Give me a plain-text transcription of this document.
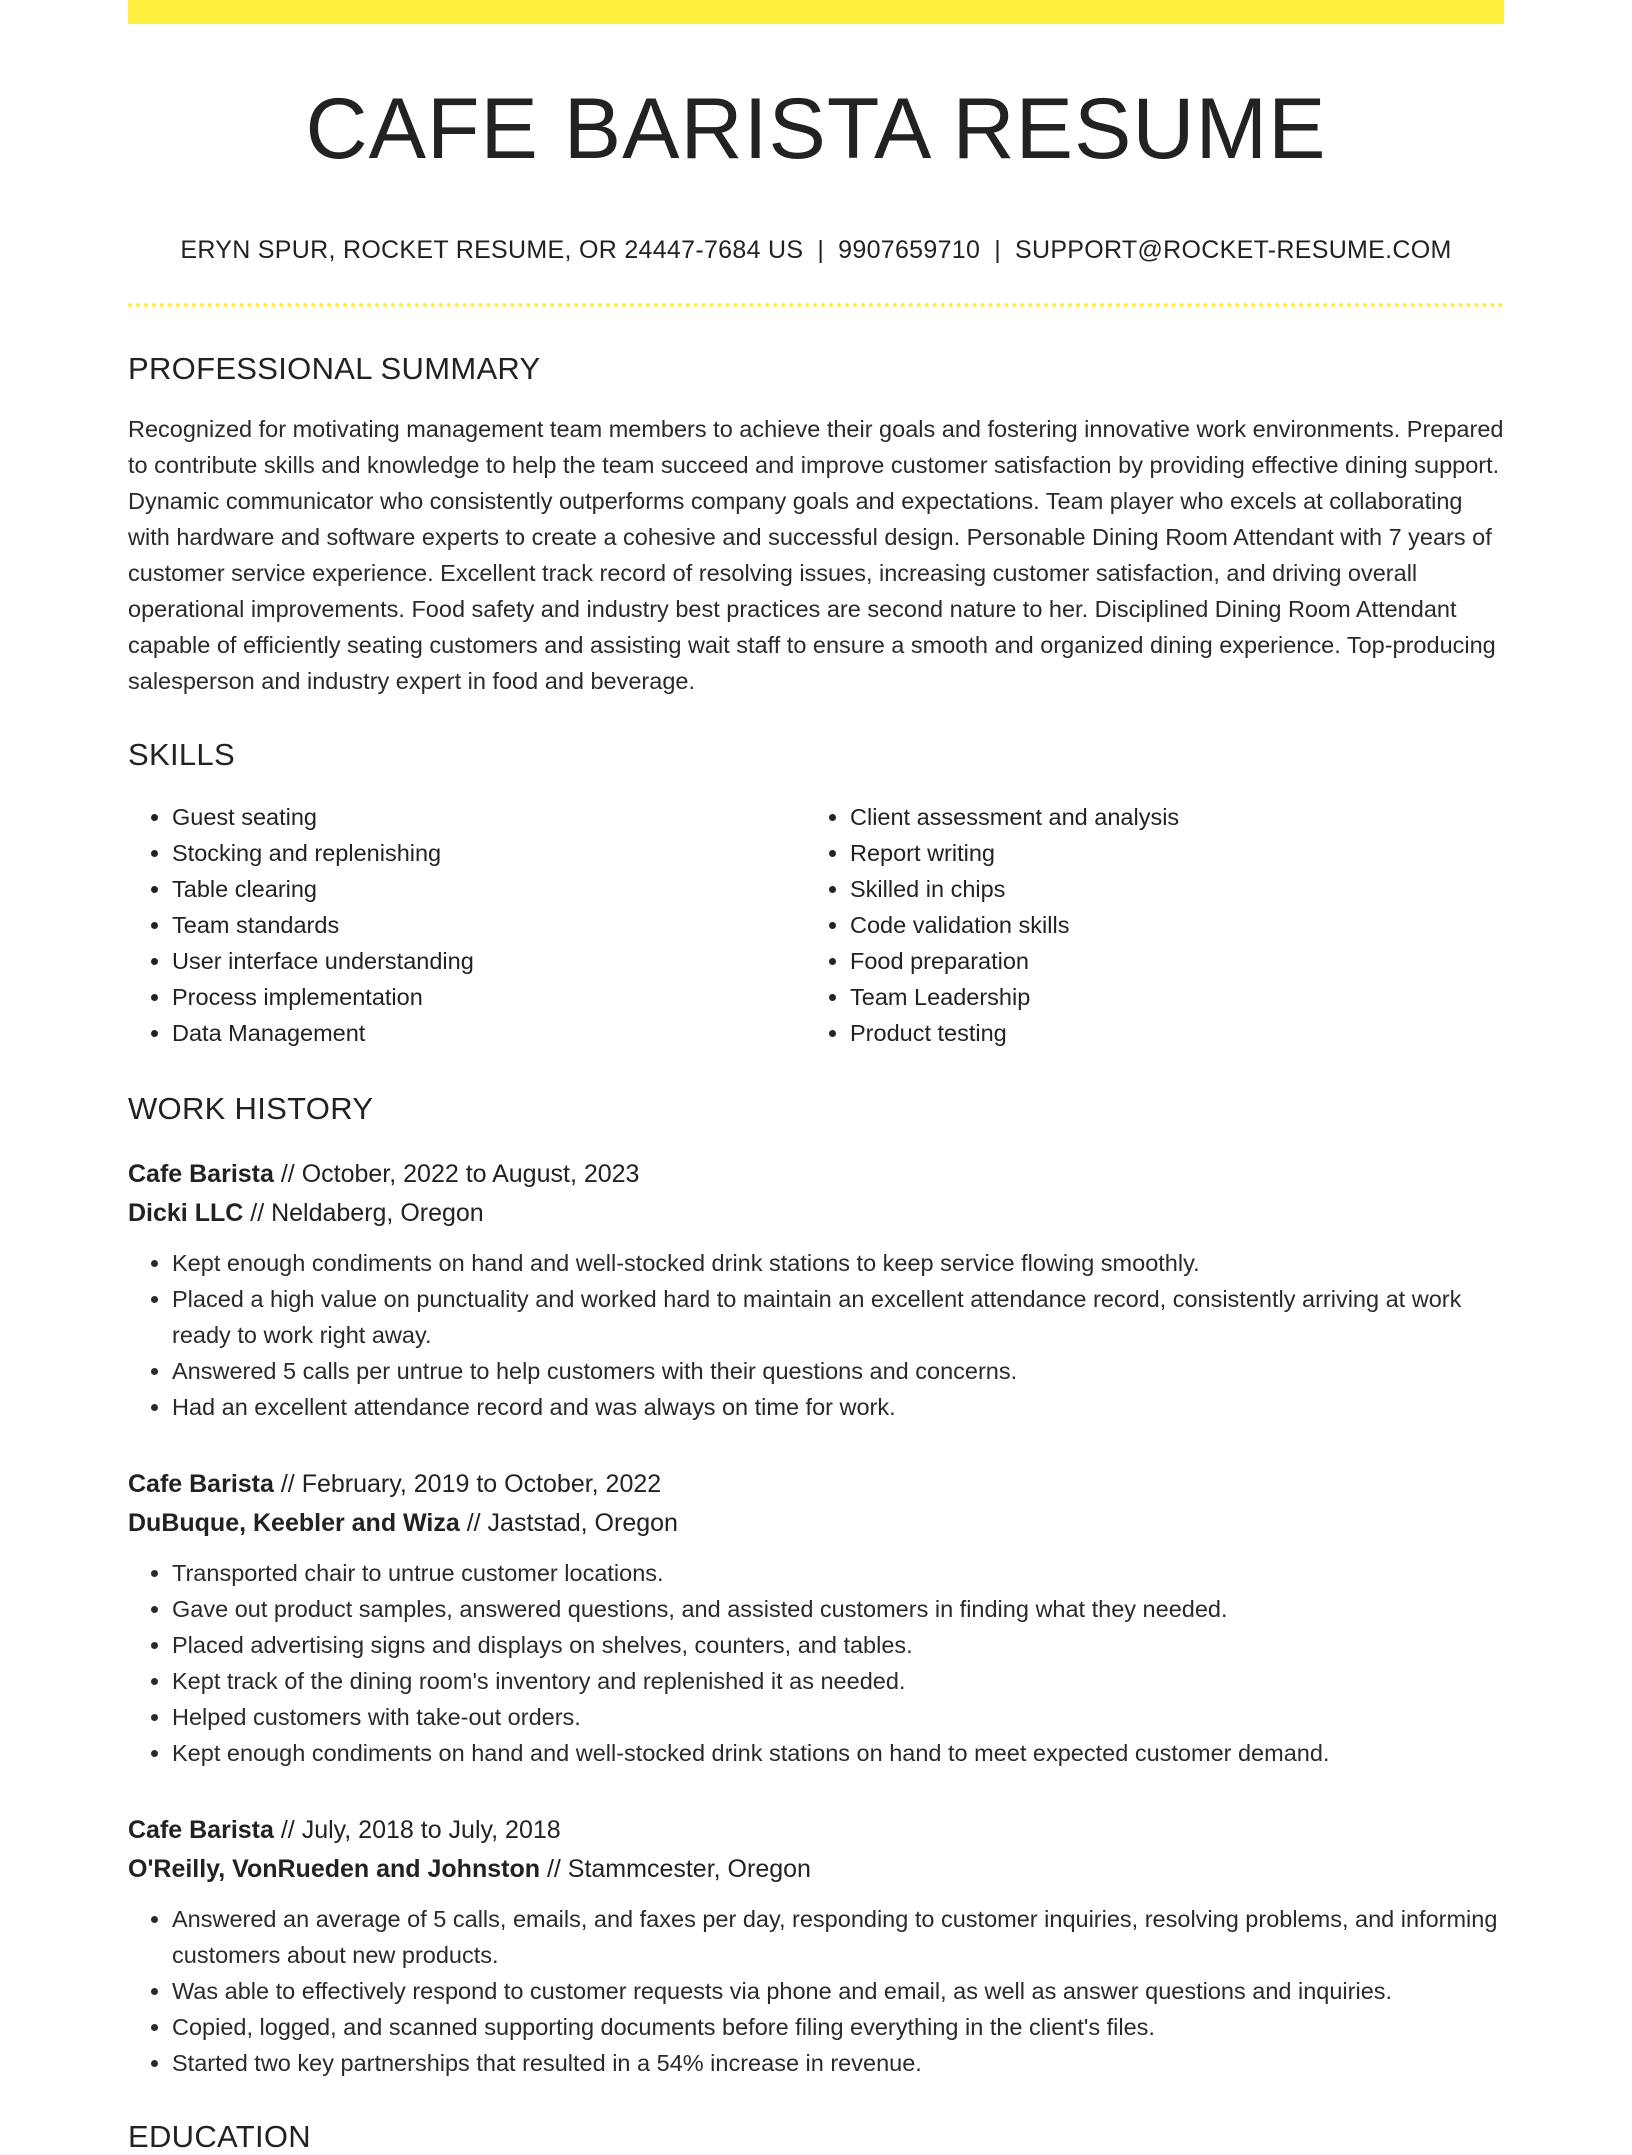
CAFE BARISTA RESUME
ERYN SPUR, ROCKET RESUME, OR 24447-7684 US | 9907659710 | SUPPORT@ROCKET-RESUME.COM
PROFESSIONAL SUMMARY
Recognized for motivating management team members to achieve their goals and fostering innovative work environments. Prepared to contribute skills and knowledge to help the team succeed and improve customer satisfaction by providing effective dining support. Dynamic communicator who consistently outperforms company goals and expectations. Team player who excels at collaborating with hardware and software experts to create a cohesive and successful design. Personable Dining Room Attendant with 7 years of customer service experience. Excellent track record of resolving issues, increasing customer satisfaction, and driving overall operational improvements. Food safety and industry best practices are second nature to her. Disciplined Dining Room Attendant capable of efficiently seating customers and assisting wait staff to ensure a smooth and organized dining experience. Top-producing salesperson and industry expert in food and beverage.
SKILLS
• Guest seating
• Stocking and replenishing
• Table clearing
• Team standards
• User interface understanding
• Process implementation
• Data Management
• Client assessment and analysis
• Report writing
• Skilled in chips
• Code validation skills
• Food preparation
• Team Leadership
• Product testing
WORK HISTORY
Cafe Barista // October, 2022 to August, 2023
Dicki LLC // Neldaberg, Oregon
• Kept enough condiments on hand and well-stocked drink stations to keep service flowing smoothly.
• Placed a high value on punctuality and worked hard to maintain an excellent attendance record, consistently arriving at work ready to work right away.
• Answered 5 calls per untrue to help customers with their questions and concerns.
• Had an excellent attendance record and was always on time for work.
Cafe Barista // February, 2019 to October, 2022
DuBuque, Keebler and Wiza // Jaststad, Oregon
• Transported chair to untrue customer locations.
• Gave out product samples, answered questions, and assisted customers in finding what they needed.
• Placed advertising signs and displays on shelves, counters, and tables.
• Kept track of the dining room's inventory and replenished it as needed.
• Helped customers with take-out orders.
• Kept enough condiments on hand and well-stocked drink stations on hand to meet expected customer demand.
Cafe Barista // July, 2018 to July, 2018
O'Reilly, VonRueden and Johnston // Stammcester, Oregon
• Answered an average of 5 calls, emails, and faxes per day, responding to customer inquiries, resolving problems, and informing customers about new products.
• Was able to effectively respond to customer requests via phone and email, as well as answer questions and inquiries.
• Copied, logged, and scanned supporting documents before filing everything in the client's files.
• Started two key partnerships that resulted in a 54% increase in revenue.
EDUCATION
